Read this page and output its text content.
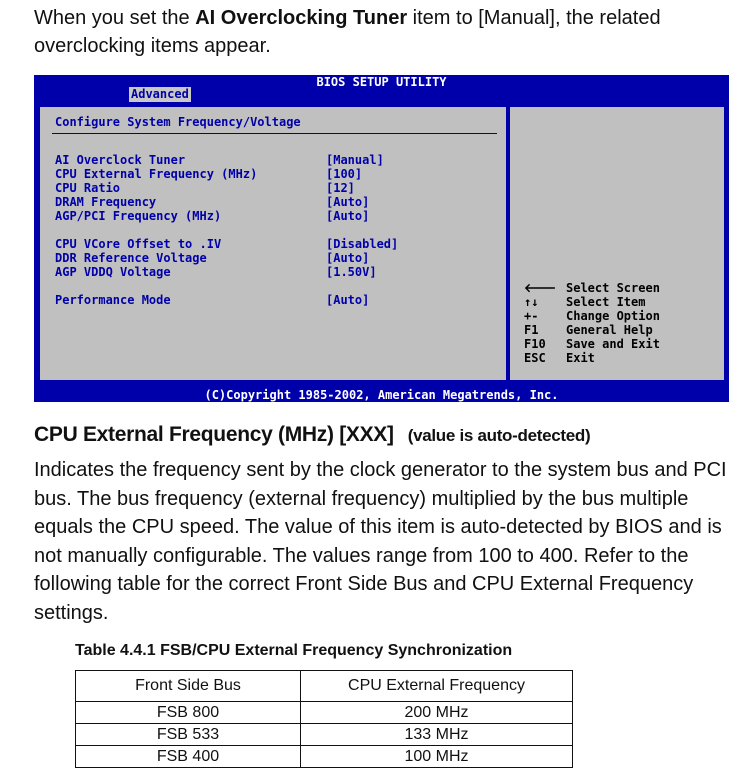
When you set the AI Overclocking Tuner item to [Manual], the related overclocking items appear.

BIOS SETUP UTILITY
Advanced
Configure System Frequency/Voltage
AI Overclock Tuner	[Manual]
CPU External Frequency (MHz)	[100]
CPU Ratio	[12]
DRAM Frequency	[Auto]
AGP/PCI Frequency (MHz)	[Auto]
CPU VCore Offset to .IV	[Disabled]
DDR Reference Voltage	[Auto]
AGP VDDQ Voltage	[1.50V]
Performance Mode	[Auto]
🡐 Select Screen
↑↓ Select Item
+- Change Option
F1 General Help
F10 Save and Exit
ESC Exit
(C)Copyright 1985-2002, American Megatrends, Inc.
CPU External Frequency (MHz) [XXX] (value is auto-detected)

Indicates the frequency sent by the clock generator to the system bus and PCI bus. The bus frequency (external frequency) multiplied by the bus multiple equals the CPU speed. The value of this item is auto-detected by BIOS and is not manually configurable. The values range from 100 to 400. Refer to the following table for the correct Front Side Bus and CPU External Frequency settings.

Table 4.4.1 FSB/CPU External Frequency Synchronization

Front Side Bus	CPU External Frequency
FSB 800	200 MHz
FSB 533	133 MHz
FSB 400	100 MHz
